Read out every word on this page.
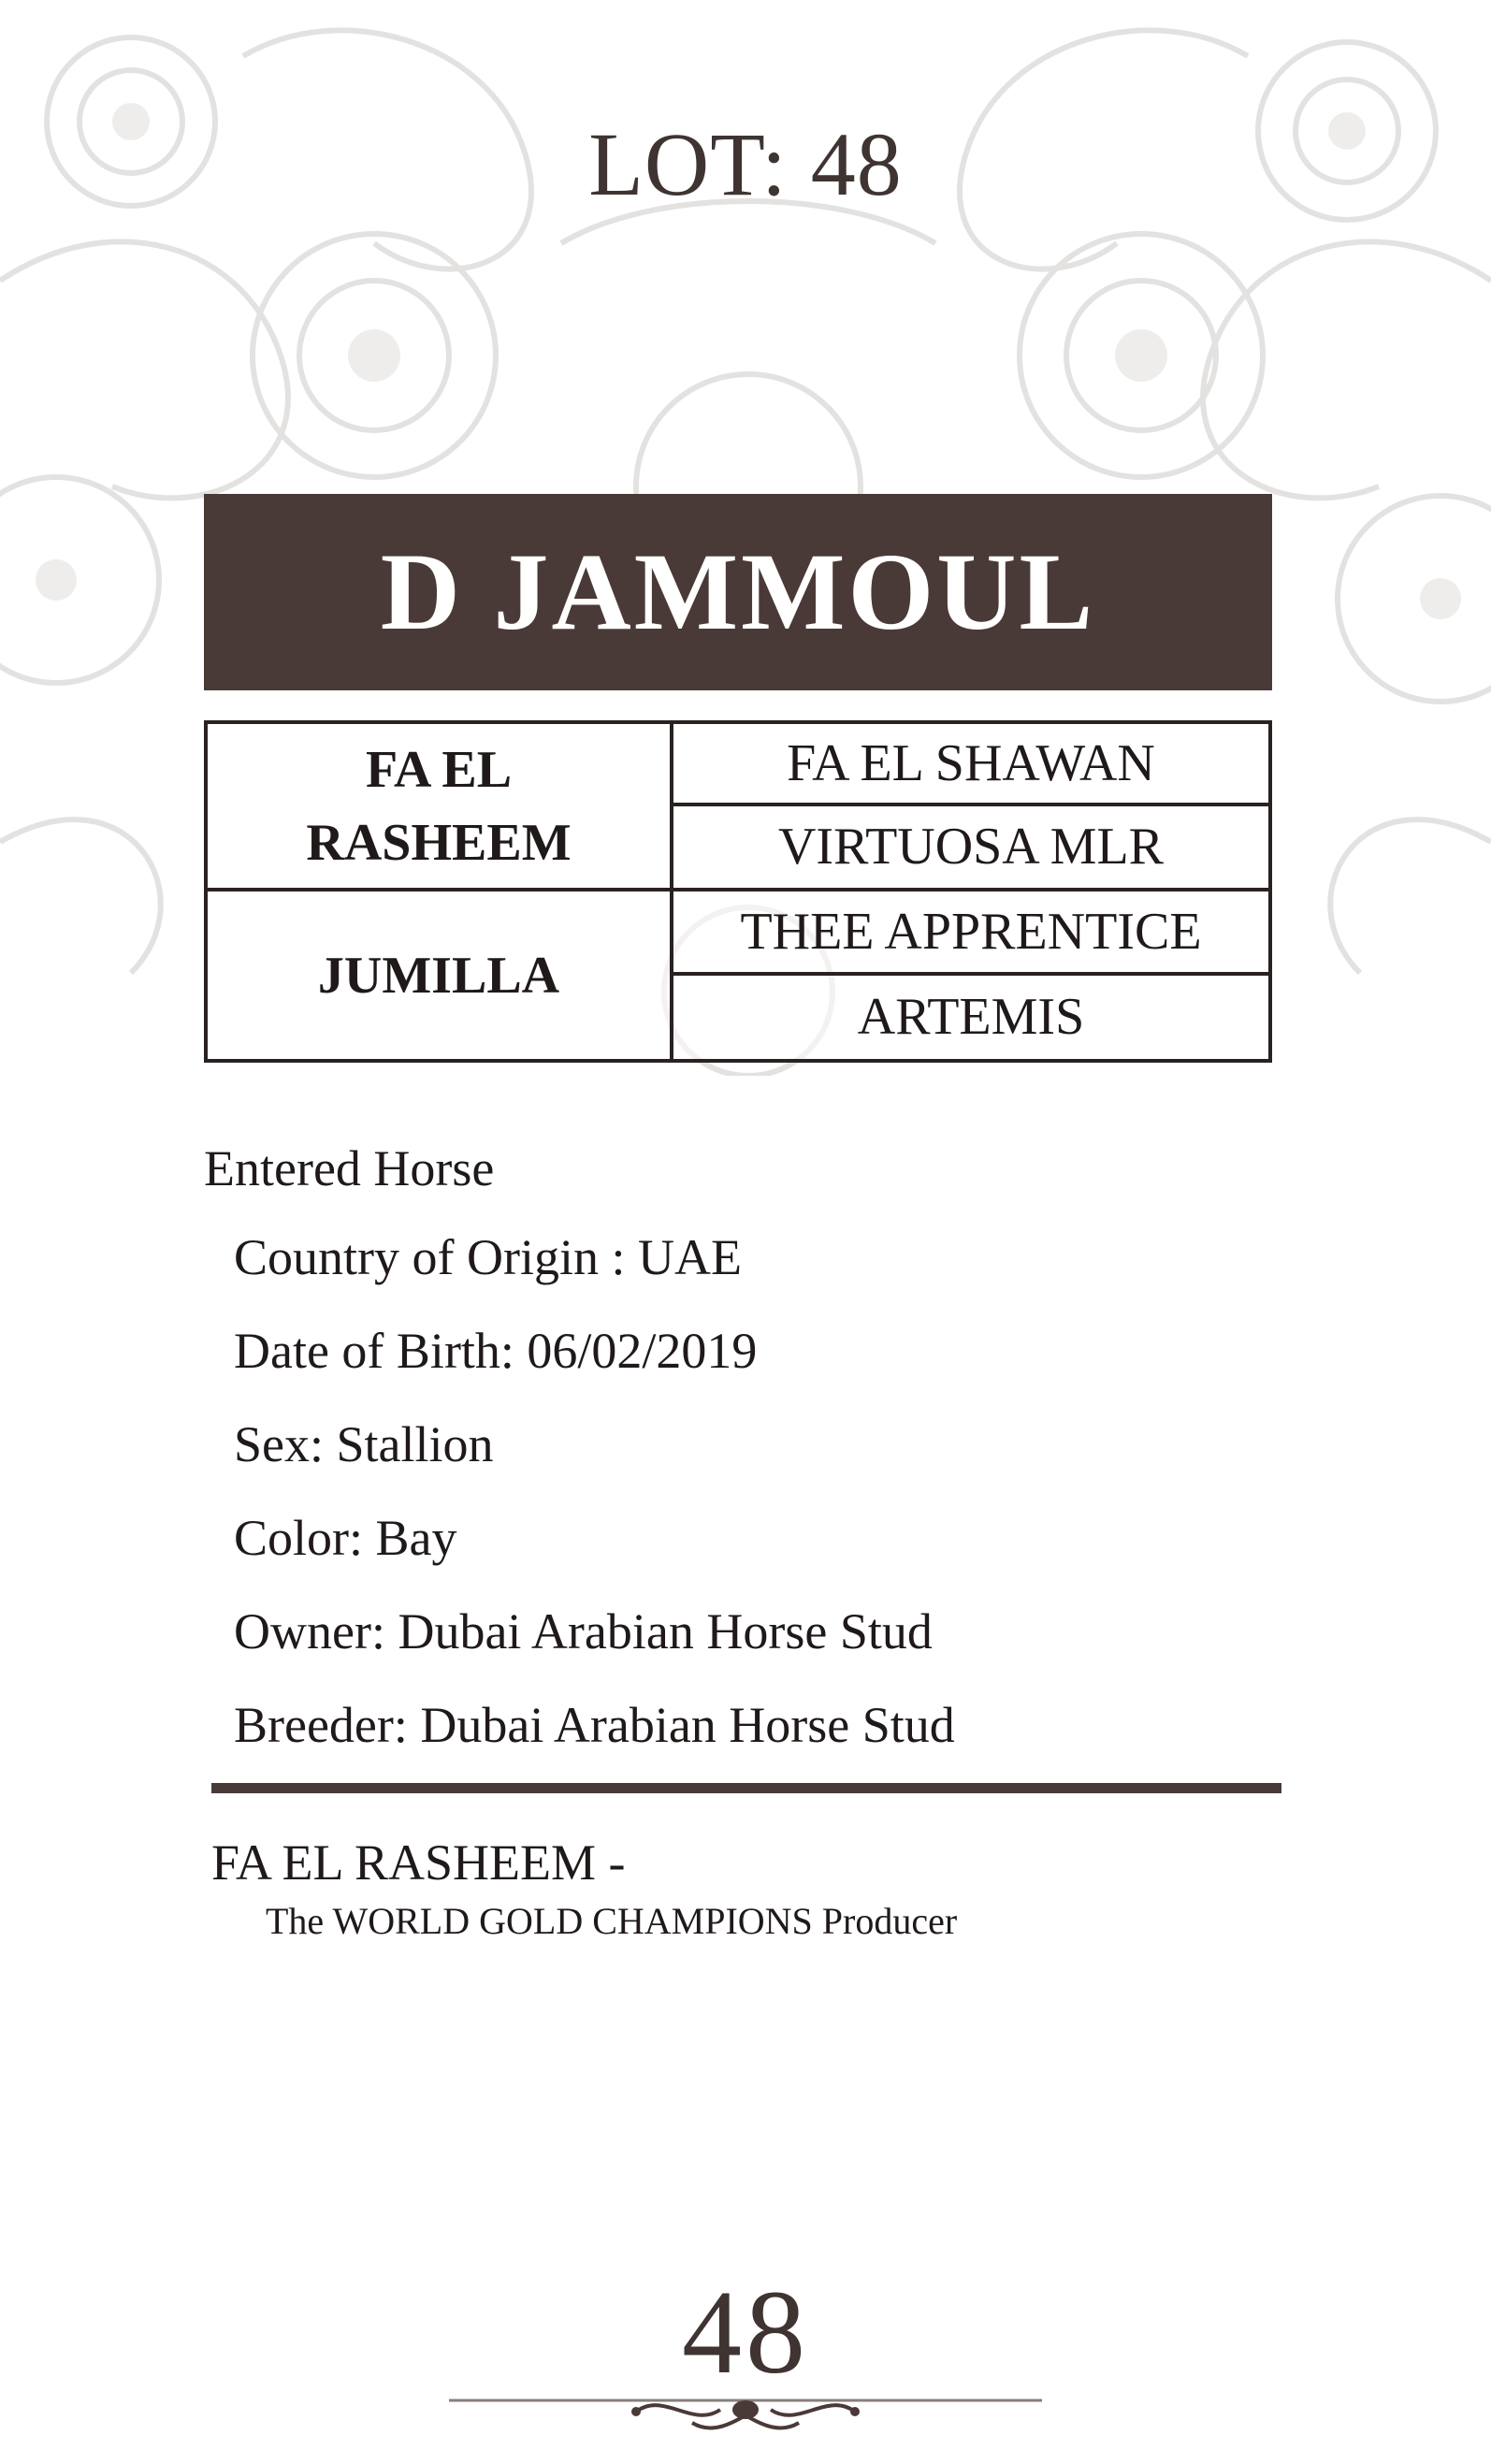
LOT: 48
D JAMMOUL
FA EL RASHEEM
FA EL SHAWAN
VIRTUOSA MLR
JUMILLA
THEE APPRENTICE
ARTEMIS
Entered Horse
Country of Origin : UAE
Date of Birth: 06/02/2019
Sex: Stallion
Color: Bay
Owner: Dubai Arabian Horse Stud
Breeder: Dubai Arabian Horse Stud
FA EL RASHEEM -
The WORLD GOLD CHAMPIONS Producer
48
